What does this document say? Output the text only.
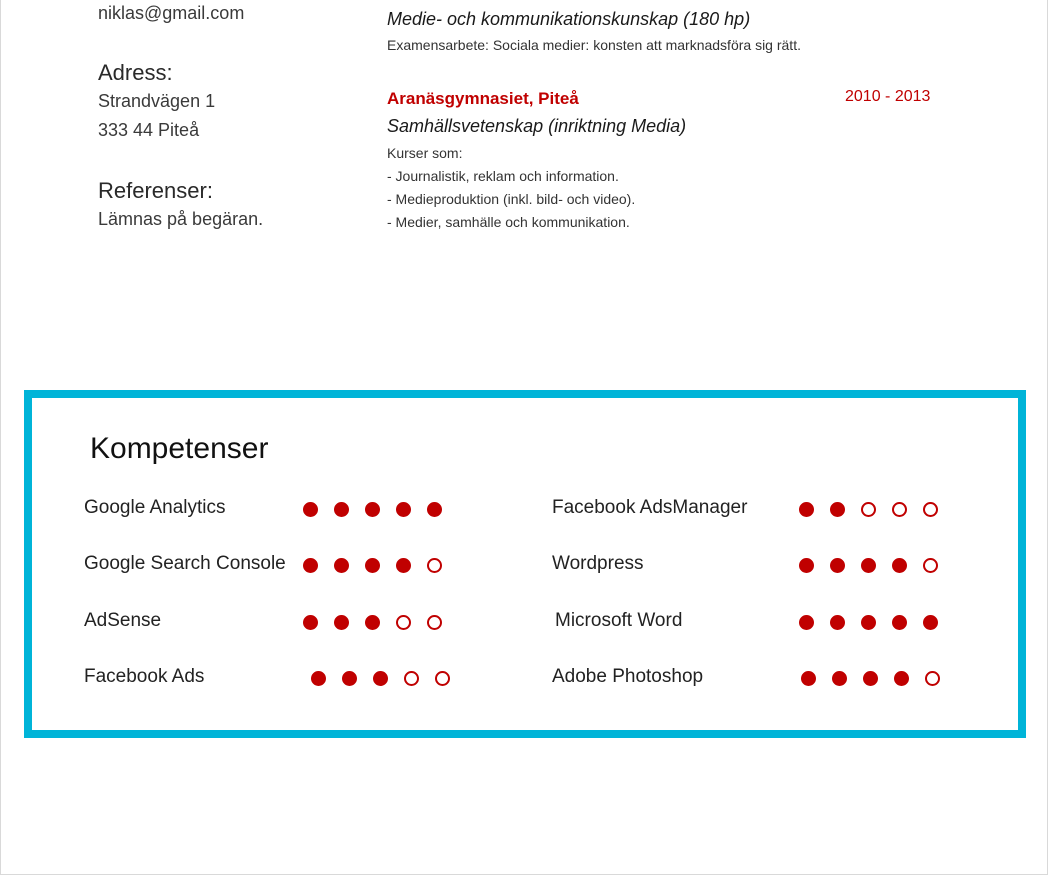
niklas@gmail.com
Adress:
Strandvägen 1
333 44 Piteå
Referenser:
Lämnas på begäran.
Medie- och kommunikationskunskap (180 hp)
Examensarbete: Sociala medier: konsten att marknadsföra sig rätt.
Aranäsgymnasiet, Piteå	2010 - 2013
Samhällsvetenskap (inriktning Media)
Kurser som:
- Journalistik, reklam och information.
- Medieproduktion (inkl. bild- och video).
- Medier, samhälle och kommunikation.
Kompetenser
Google Analytics
Google Search Console
AdSense
Facebook Ads
Facebook AdsManager
Wordpress
Microsoft Word
Adobe Photoshop
